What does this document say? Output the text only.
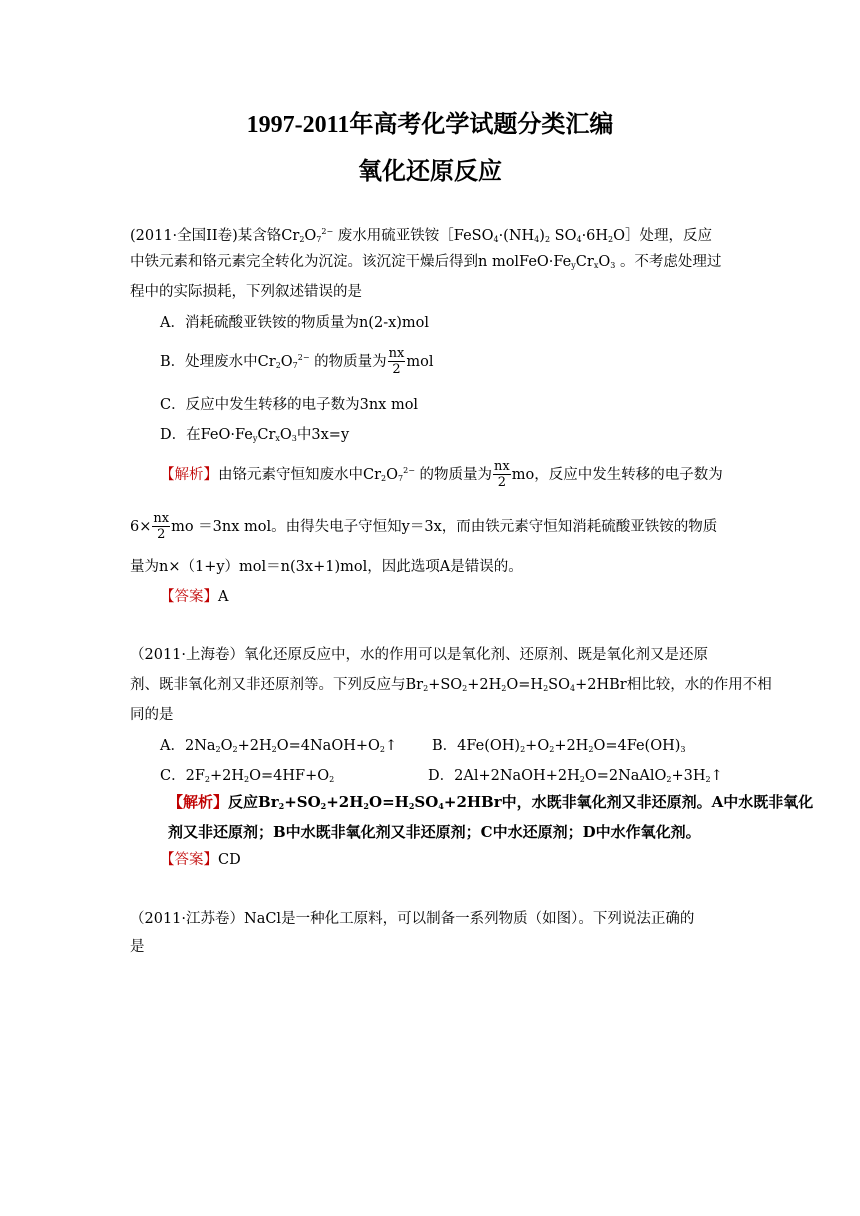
1997-2011年高考化学试题分类汇编
氧化还原反应
(2011·全国II卷)某含铬$Cr_2O_7^{2-}$ 废水用硫亚铁铵$[FeSO_4\cdot(NH_4)_2$ $SO_4\cdot 6H_2O]$处理，反应
中铁元素和铬元素完全转化为沉淀。该沉淀干燥后得到n $molFeO\cdot Fe_yCr_xO_3$ 。不考虑处理过
程中的实际损耗，下列叙述错误的是
A．消耗硫酸亚铁铵的物质量为n(2-x)mol
B．处理废水中$Cr_2O_7^{2-}$ 的物质量为 $\frac{nx}{2}$ mol
C．反应中发生转移的电子数为3nx mol
D．在$FeO\cdot Fe_yCr_xO_3$中3x=y
【解析】由铬元素守恒知废水中$Cr_2O_7^{2-}$ 的物质量为 $\frac{nx}{2}$ mo，反应中发生转移的电子数为
$6\times \frac{nx}{2}$ mo ＝3nx mol。由得失电子守恒知y＝3x，而由铁元素守恒知消耗硫酸亚铁铵的物质
量为n×（1+y）mol＝n(3x+1)mol，因此选项A是错误的。
【答案】A
（2011·上海卷）氧化还原反应中，水的作用可以是氧化剂、还原剂、既是氧化剂又是还原
剂、既非氧化剂又非还原剂等。下列反应与$Br_2+SO_2+2H_2O=H_2SO_4+2HBr$相比较，水的作用不相
同的是
A．$2Na_2O_2+2H_2O=4NaOH+O_2↑$ B．$4Fe(OH)_2+O_2+2H_2O=4Fe(OH)_3$
C．$2F_2+2H_2O=4HF+O_2$	D．$2Al+2NaOH+2H_2O=2NaAlO_2+3H_2↑$
【解析】反应$Br_2+SO_2+2H_2O=H_2SO_4+2HBr$中，水既非氧化剂又非还原剂。A中水既非氧化
剂又非还原剂；B中水既非氧化剂又非还原剂；C中水还原剂；D中水作氧化剂。
【答案】CD
（2011·江苏卷）NaCl是一种化工原料，可以制备一系列物质（如图）。下列说法正确的
是
